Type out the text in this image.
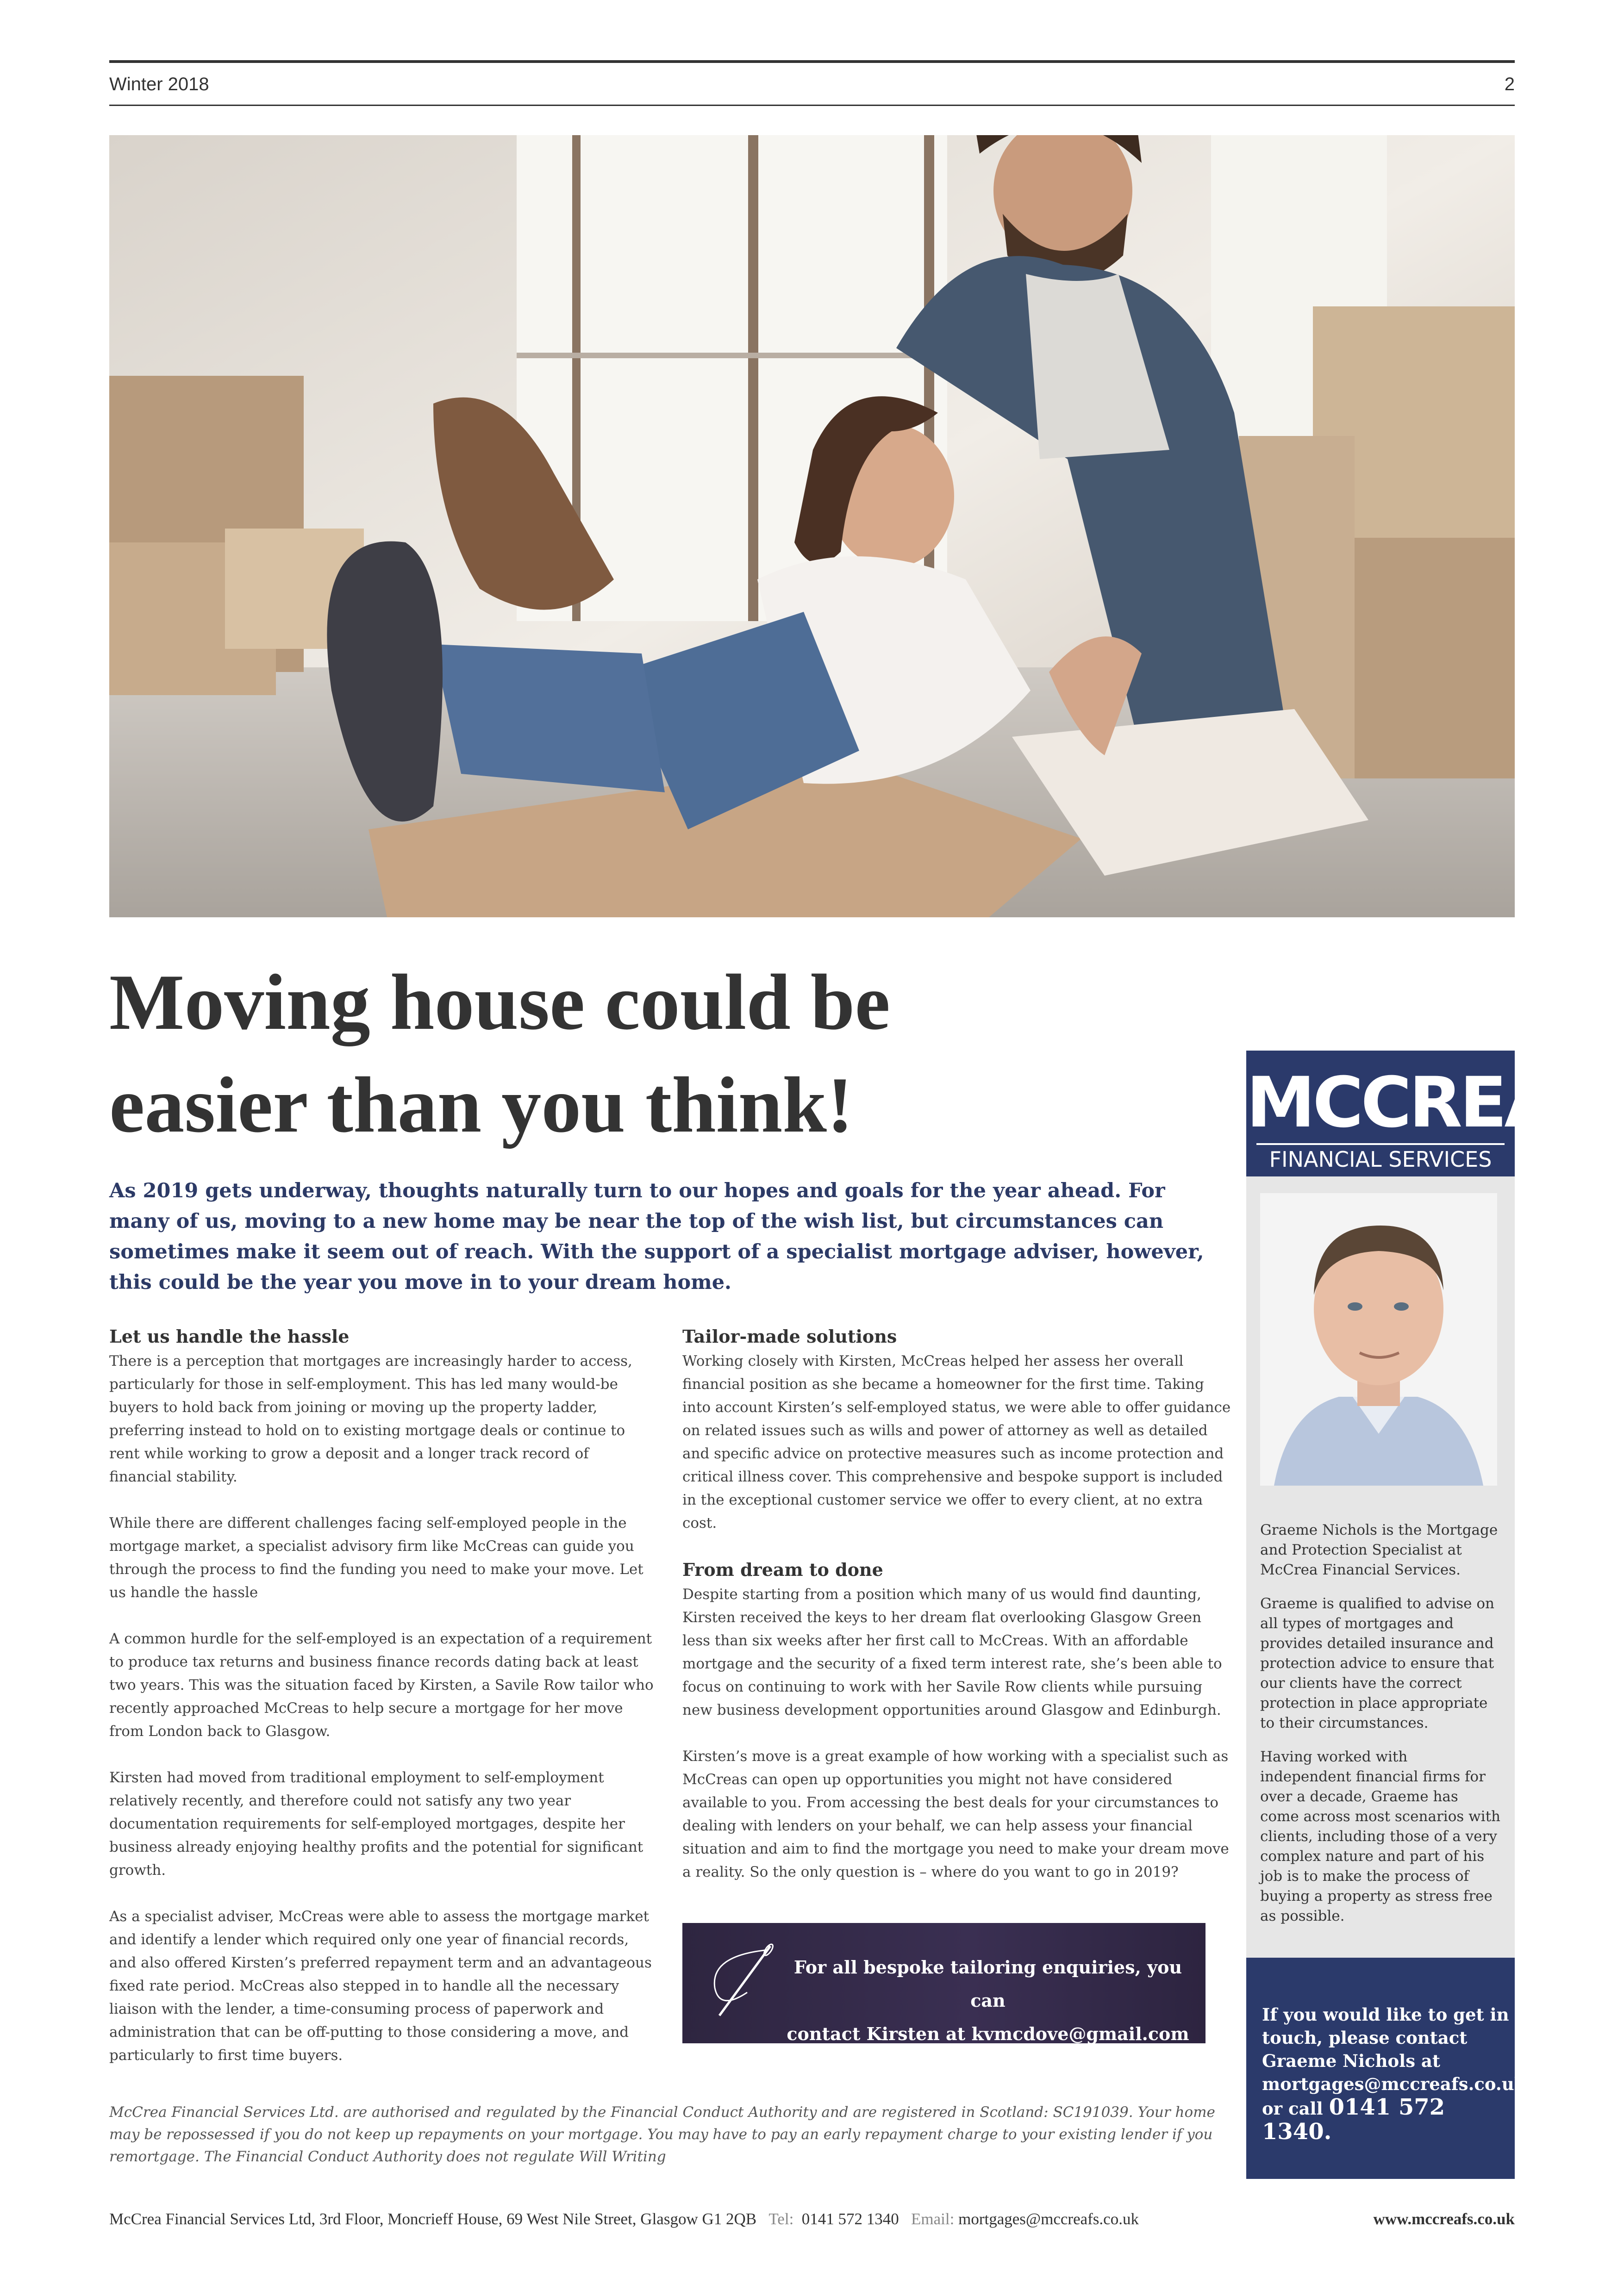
Winter 2018	2
Moving house could be
easier than you think!
As 2019 gets underway, thoughts naturally turn to our hopes and goals for the year ahead. For many of us, moving to a new home may be near the top of the wish list, but circumstances can sometimes make it seem out of reach. With the support of a specialist mortgage adviser, however, this could be the year you move in to your dream home.
Let us handle the hassle

There is a perception that mortgages are increasingly harder to access, particularly for those in self-employment. This has led many would-be buyers to hold back from joining or moving up the property ladder, preferring instead to hold on to existing mortgage deals or continue to rent while working to grow a deposit and a longer track record of financial stability.

While there are different challenges facing self-employed people in the mortgage market, a specialist advisory firm like McCreas can guide you through the process to find the funding you need to make your move. Let us handle the hassle

A common hurdle for the self-employed is an expectation of a requirement to produce tax returns and business finance records dating back at least two years. This was the situation faced by Kirsten, a Savile Row tailor who recently approached McCreas to help secure a mortgage for her move from London back to Glasgow.

Kirsten had moved from traditional employment to self-employment relatively recently, and therefore could not satisfy any two year documentation requirements for self-employed mortgages, despite her business already enjoying healthy profits and the potential for significant growth.

As a specialist adviser, McCreas were able to assess the mortgage market and identify a lender which required only one year of financial records, and also offered Kirsten’s preferred repayment term and an advantageous fixed rate period. McCreas also stepped in to handle all the necessary liaison with the lender, a time-consuming process of paperwork and administration that can be off-putting to those considering a move, and particularly to first time buyers.

Tailor-made solutions

Working closely with Kirsten, McCreas helped her assess her overall financial position as she became a homeowner for the first time. Taking into account Kirsten’s self-employed status, we were able to offer guidance on related issues such as wills and power of attorney as well as detailed and specific advice on protective measures such as income protection and critical illness cover. This comprehensive and bespoke support is included in the exceptional customer service we offer to every client, at no extra cost.

From dream to done

Despite starting from a position which many of us would find daunting, Kirsten received the keys to her dream flat overlooking Glasgow Green less than six weeks after her first call to McCreas. With an affordable mortgage and the security of a fixed term interest rate, she’s been able to focus on continuing to work with her Savile Row clients while pursuing new business development opportunities around Glasgow and Edinburgh.

Kirsten’s move is a great example of how working with a specialist such as McCreas can open up opportunities you might not have considered available to you. From accessing the best deals for your circumstances to dealing with lenders on your behalf, we can help assess your financial situation and aim to find the mortgage you need to make your dream move a reality. So the only question is – where do you want to go in 2019?

For all bespoke tailoring enquiries, you can
contact Kirsten at kvmcdove@gmail.com
McCrea Financial Services Ltd. are authorised and regulated by the Financial Conduct Authority and are registered in Scotland: SC191039. Your home may be repossessed if you do not keep up repayments on your mortgage. You may have to pay an early repayment charge to your existing lender if you remortgage. The Financial Conduct Authority does not regulate Will Writing
MCCREA
FINANCIAL SERVICES

Graeme Nichols is the Mortgage and Protection Specialist at McCrea Financial Services.

Graeme is qualified to advise on all types of mortgages and provides detailed insurance and protection advice to ensure that our clients have the correct protection in place appropriate to their circumstances.

Having worked with independent financial firms for over a decade, Graeme has come across most scenarios with clients, including those of a very complex nature and part of his job is to make the process of buying a property as stress free as possible.

If you would like to get in touch, please contact Graeme Nichols at mortgages@mccreafs.co.uk or call 0141 572 1340.
McCrea Financial Services Ltd, 3rd Floor, Moncrieff House, 69 West Nile Street, Glasgow G1 2QB Tel: 0141 572 1340 Email: mortgages@mccreafs.co.uk	www.mccreafs.co.uk
